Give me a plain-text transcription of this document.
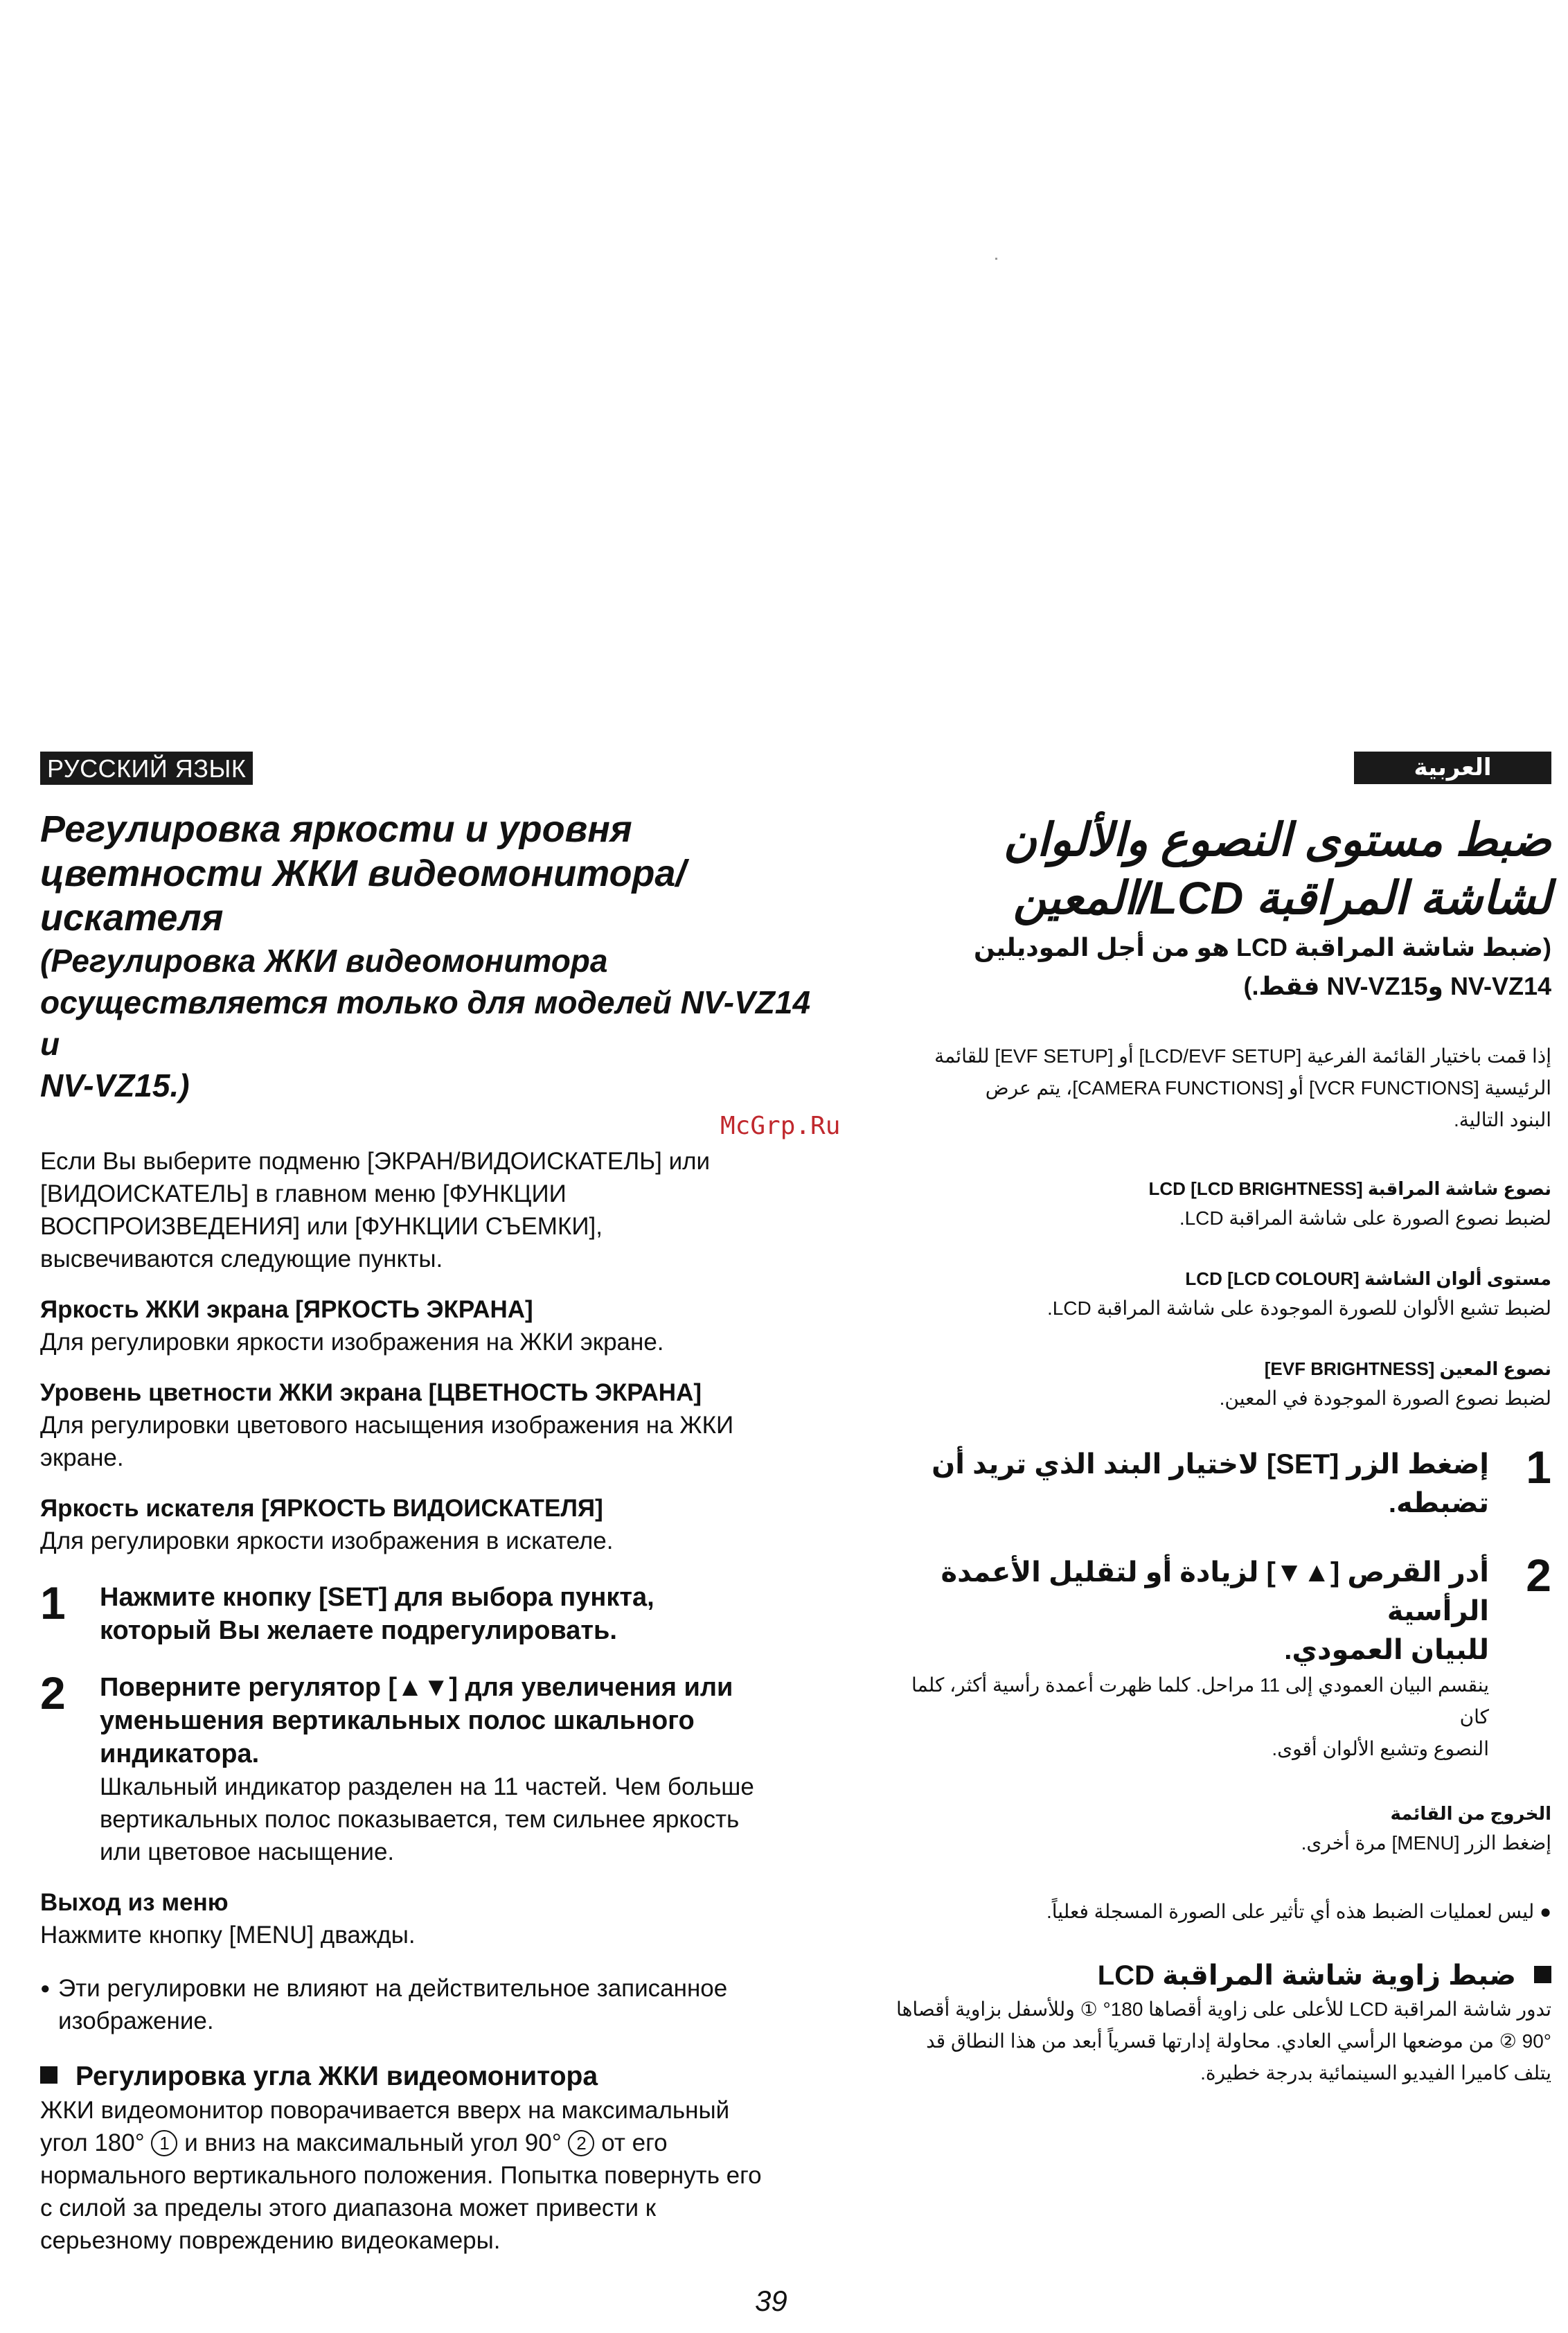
РУССКИЙ ЯЗЫК	العربية
Регулировка яркости и уровня
цветности ЖКИ видеомонитора/
искателя
(Регулировка ЖКИ видеомонитора
осуществляется только для моделей NV-VZ14 и
NV-VZ15.)
Если Вы выберите подменю [ЭКРАН/ВИДОИСКАТЕЛЬ] или
[ВИДОИСКАТЕЛЬ] в главном меню [ФУНКЦИИ
ВОСПРОИЗВЕДЕНИЯ] или [ФУНКЦИИ СЪЕМКИ],
высвечиваются следующие пункты.
Яркость ЖКИ экрана [ЯРКОСТЬ ЭКРАНА]
Для регулировки яркости изображения на ЖКИ экране.
Уровень цветности ЖКИ экрана [ЦВЕТНОСТЬ ЭКРАНА]
Для регулировки цветового насыщения изображения на ЖКИ
экране.
Яркость искателя [ЯРКОСТЬ ВИДОИСКАТЕЛЯ]
Для регулировки яркости изображения в искателе.
1 Нажмите кнопку [SET] для выбора пункта,
который Вы желаете подрегулировать.
2 Поверните регулятор [▲▼] для увеличения или
уменьшения вертикальных полос шкального
индикатора.
Шкальный индикатор разделен на 11 частей. Чем больше
вертикальных полос показывается, тем сильнее яркость
или цветовое насыщение.
Выход из меню
Нажмите кнопку [MENU] дважды.
● Эти регулировки не влияют на действительное записанное
изображение.
Регулировка угла ЖКИ видеомонитора
ЖКИ видеомонитор поворачивается вверх на максимальный
угол 180° 1 и вниз на максимальный угол 90° 2 от его
нормального вертикального положения. Попытка повернуть его
с силой за пределы этого диапазона может привести к
серьезному повреждению видеокамеры.
McGrp.Ru
ضبط مستوى النصوع والألوان
لشاشة المراقبة LCD/المعين
(ضبط شاشة المراقبة LCD هو من أجل الموديلين
NV-VZ14 وNV-VZ15 فقط.)
إذا قمت باختيار القائمة الفرعية [LCD/EVF SETUP] أو [EVF SETUP] للقائمة
الرئيسية [VCR FUNCTIONS] أو [CAMERA FUNCTIONS]، يتم عرض
البنود التالية.
نصوع شاشة المراقبة LCD [LCD BRIGHTNESS]
لضبط نصوع الصورة على شاشة المراقبة LCD.
مستوى ألوان الشاشة LCD [LCD COLOUR]
لضبط تشبع الألوان للصورة الموجودة على شاشة المراقبة LCD.
نصوع المعين [EVF BRIGHTNESS]
لضبط نصوع الصورة الموجودة في المعين.
1
إضغط الزر [SET] لاختيار البند الذي تريد أن
تضبطه.
2
أدر القرص [▲▼] لزيادة أو لتقليل الأعمدة الرأسية
للبيان العمودي.
ينقسم البيان العمودي إلى 11 مراحل. كلما ظهرت أعمدة رأسية أكثر، كلما كان
النصوع وتشبع الألوان أقوى.
الخروج من القائمة
إضغط الزر [MENU] مرة أخرى.
● ليس لعمليات الضبط هذه أي تأثير على الصورة المسجلة فعلياً.
ضبط زاوية شاشة المراقبة LCD
تدور شاشة المراقبة LCD للأعلى على زاوية أقصاها 180° ① وللأسفل بزاوية أقصاها
90° ② من موضعها الرأسي العادي. محاولة إدارتها قسرياً أبعد من هذا النطاق قد
يتلف كاميرا الفيديو السينمائية بدرجة خطيرة.
39
